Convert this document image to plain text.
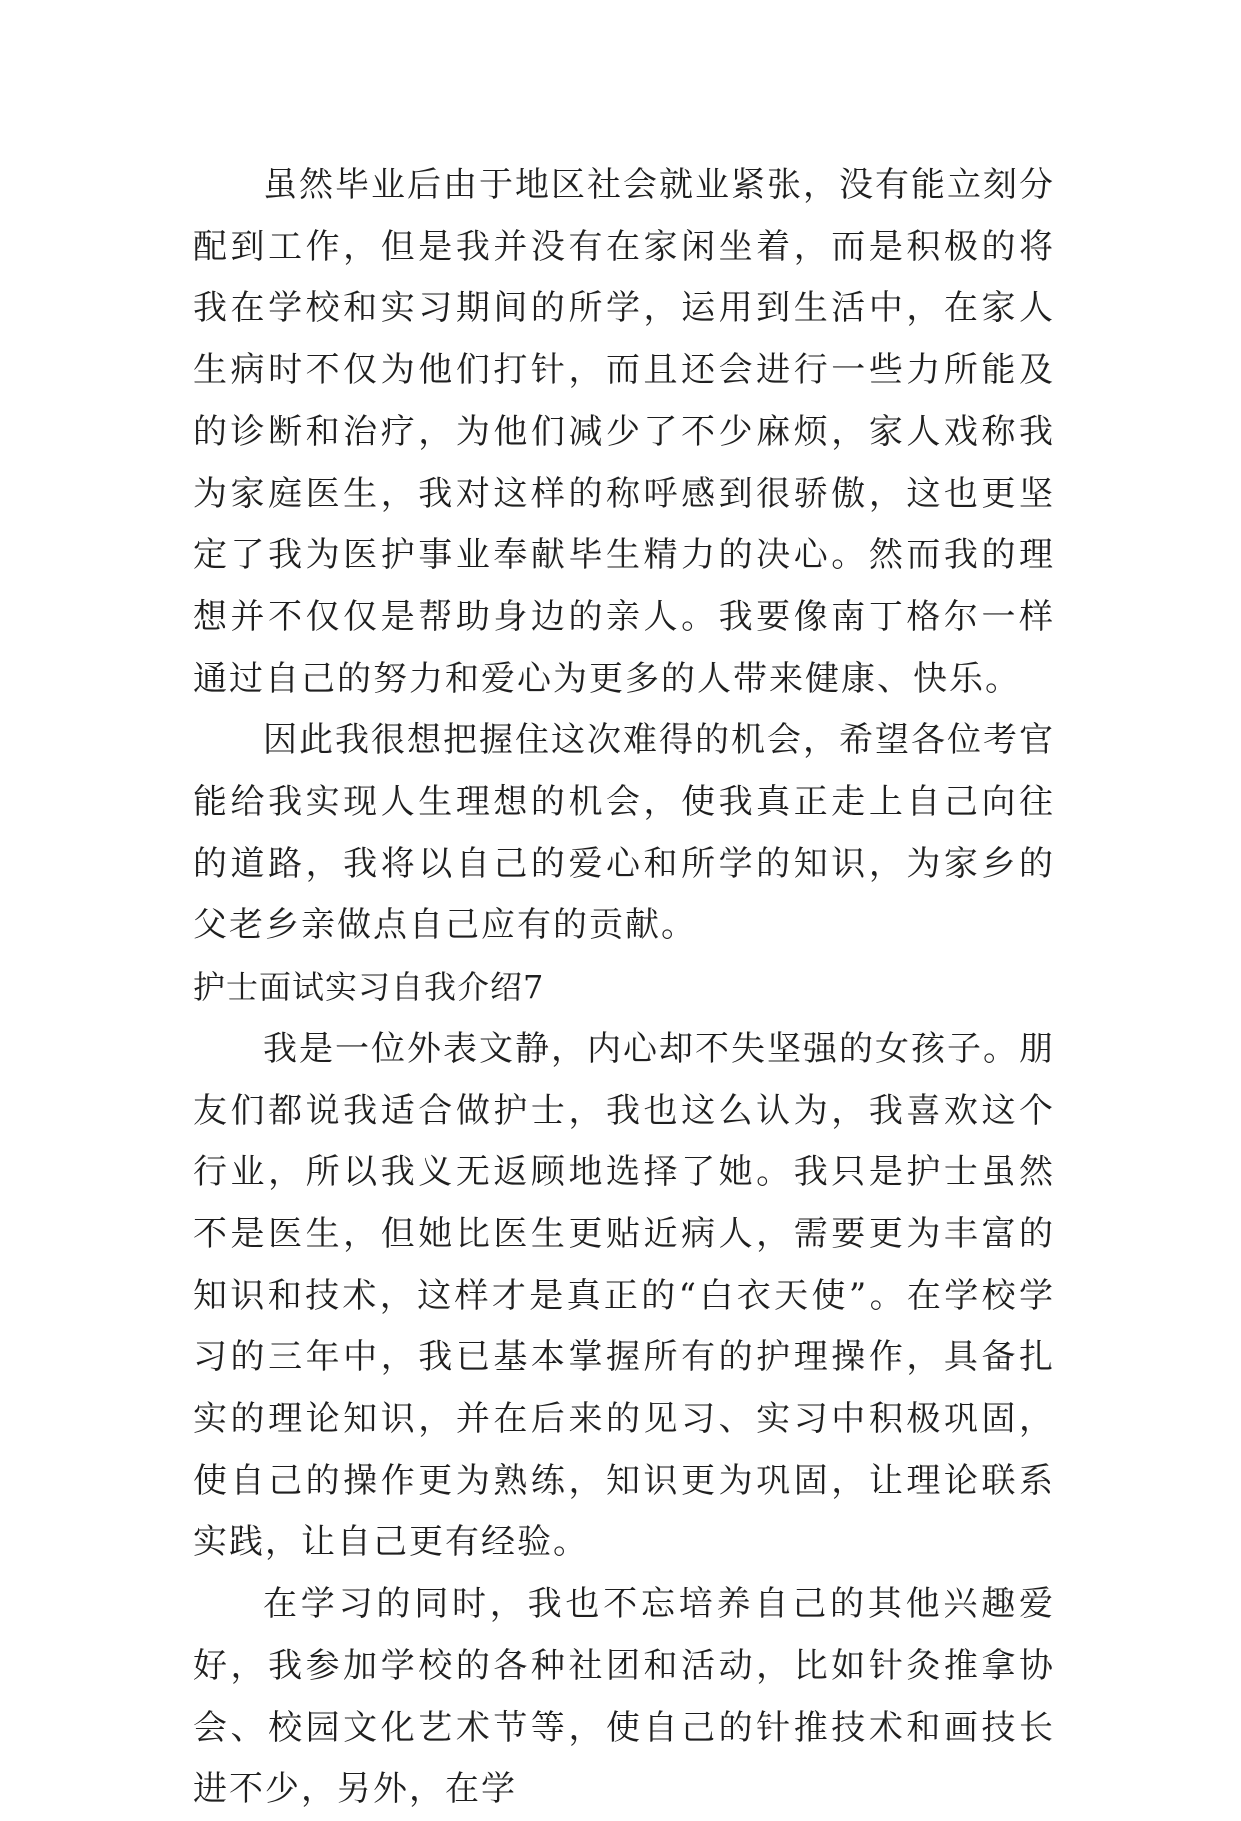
虽然毕业后由于地区社会就业紧张，没有能立刻分配到工作，但是我并没有在家闲坐着，而是积极的将我在学校和实习期间的所学，运用到生活中，在家人生病时不仅为他们打针，而且还会进行一些力所能及的诊断和治疗，为他们减少了不少麻烦，家人戏称我为家庭医生，我对这样的称呼感到很骄傲，这也更坚定了我为医护事业奉献毕生精力的决心。然而我的理想并不仅仅是帮助身边的亲人。我要像南丁格尔一样通过自己的努力和爱心为更多的人带来健康、快乐。

因此我很想把握住这次难得的机会，希望各位考官能给我实现人生理想的机会，使我真正走上自己向往的道路，我将以自己的爱心和所学的知识，为家乡的父老乡亲做点自己应有的贡献。

护士面试实习自我介绍7

我是一位外表文静，内心却不失坚强的女孩子。朋友们都说我适合做护士，我也这么认为，我喜欢这个行业，所以我义无返顾地选择了她。我只是护士虽然不是医生，但她比医生更贴近病人，需要更为丰富的知识和技术，这样才是真正的“白衣天使”。在学校学习的三年中，我已基本掌握所有的护理操作，具备扎实的理论知识，并在后来的见习、实习中积极巩固，使自己的操作更为熟练，知识更为巩固，让理论联系实践，让自己更有经验。

在学习的同时，我也不忘培养自己的其他兴趣爱好，我参加学校的各种社团和活动，比如针灸推拿协会、校园文化艺术节等，使自己的针推技术和画技长进不少，另外，在学
